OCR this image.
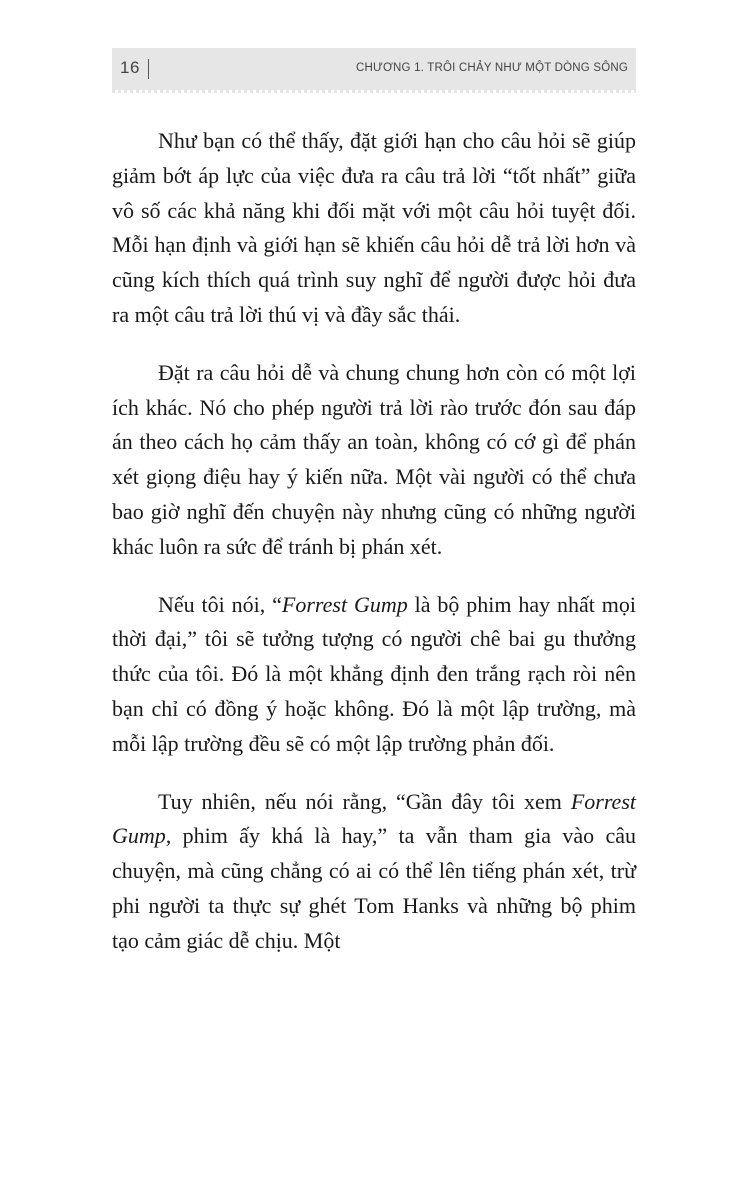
16	CHƯƠNG 1. TRÔI CHẢY NHƯ MỘT DÒNG SÔNG

Như bạn có thể thấy, đặt giới hạn cho câu hỏi sẽ giúp giảm bớt áp lực của việc đưa ra câu trả lời “tốt nhất” giữa vô số các khả năng khi đối mặt với một câu hỏi tuyệt đối. Mỗi hạn định và giới hạn sẽ khiến câu hỏi dễ trả lời hơn và cũng kích thích quá trình suy nghĩ để người được hỏi đưa ra một câu trả lời thú vị và đầy sắc thái.

Đặt ra câu hỏi dễ và chung chung hơn còn có một lợi ích khác. Nó cho phép người trả lời rào trước đón sau đáp án theo cách họ cảm thấy an toàn, không có cớ gì để phán xét giọng điệu hay ý kiến nữa. Một vài người có thể chưa bao giờ nghĩ đến chuyện này nhưng cũng có những người khác luôn ra sức để tránh bị phán xét.

Nếu tôi nói, “Forrest Gump là bộ phim hay nhất mọi thời đại,” tôi sẽ tưởng tượng có người chê bai gu thưởng thức của tôi. Đó là một khẳng định đen trắng rạch ròi nên bạn chỉ có đồng ý hoặc không. Đó là một lập trường, mà mỗi lập trường đều sẽ có một lập trường phản đối.

Tuy nhiên, nếu nói rằng, “Gần đây tôi xem Forrest Gump, phim ấy khá là hay,” ta vẫn tham gia vào câu chuyện, mà cũng chẳng có ai có thể lên tiếng phán xét, trừ phi người ta thực sự ghét Tom Hanks và những bộ phim tạo cảm giác dễ chịu. Một
